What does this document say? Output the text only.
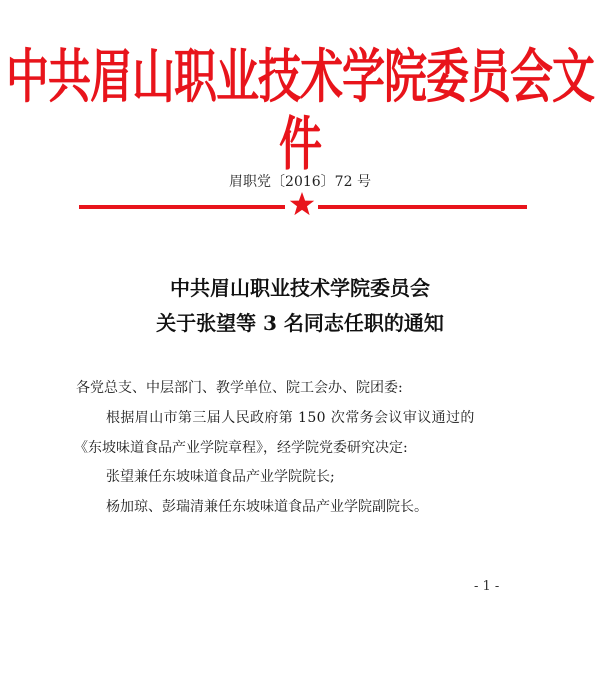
中共眉山职业技术学院委员会文件
眉职党〔2016〕72 号
中共眉山职业技术学院委员会
关于张望等 3 名同志任职的通知
各党总支、中层部门、教学单位、院工会办、院团委:
根据眉山市第三届人民政府第 150 次常务会议审议通过的
《东坡味道食品产业学院章程》，经学院党委研究决定:
张望兼任东坡味道食品产业学院院长;
杨加琼、彭瑞清兼任东坡味道食品产业学院副院长。
- 1 -
